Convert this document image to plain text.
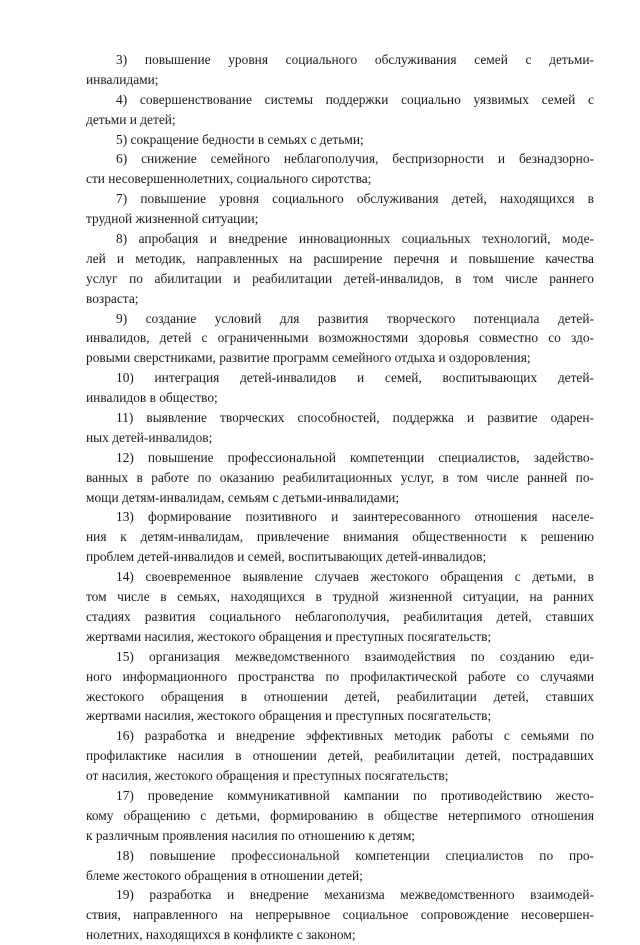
3) повышение уровня социального обслуживания семей с детьми-
инвалидами;
4) совершенствование системы поддержки социально уязвимых семей с
детьми и детей;
5) сокращение бедности в семьях с детьми;
6) снижение семейного неблагополучия, беспризорности и безнадзорно-
сти несовершеннолетних, социального сиротства;
7) повышение уровня социального обслуживания детей, находящихся в
трудной жизненной ситуации;
8) апробация и внедрение инновационных социальных технологий, моде-
лей и методик, направленных на расширение перечня и повышение качества
услуг по абилитации и реабилитации детей-инвалидов, в том числе раннего
возраста;
9) создание условий для развития творческого потенциала детей-
инвалидов, детей с ограниченными возможностями здоровья совместно со здо-
ровыми сверстниками, развитие программ семейного отдыха и оздоровления;
10) интеграция детей-инвалидов и семей, воспитывающих детей-
инвалидов в общество;
11) выявление творческих способностей, поддержка и развитие одарен-
ных детей-инвалидов;
12) повышение профессиональной компетенции специалистов, задейство-
ванных в работе по оказанию реабилитационных услуг, в том числе ранней по-
мощи детям-инвалидам, семьям с детьми-инвалидами;
13) формирование позитивного и заинтересованного отношения населе-
ния к детям-инвалидам, привлечение внимания общественности к решению
проблем детей-инвалидов и семей, воспитывающих детей-инвалидов;
14) своевременное выявление случаев жестокого обращения с детьми, в
том числе в семьях, находящихся в трудной жизненной ситуации, на ранних
стадиях развития социального неблагополучия, реабилитация детей, ставших
жертвами насилия, жестокого обращения и преступных посягательств;
15) организация межведомственного взаимодействия по созданию еди-
ного информационного пространства по профилактической работе со случаями
жестокого обращения в отношении детей, реабилитации детей, ставших
жертвами насилия, жестокого обращения и преступных посягательств;
16) разработка и внедрение эффективных методик работы с семьями по
профилактике насилия в отношении детей, реабилитации детей, пострадавших
от насилия, жестокого обращения и преступных посягательств;
17) проведение коммуникативной кампании по противодействию жесто-
кому обращению с детьми, формированию в обществе нетерпимого отношения
к различным проявления насилия по отношению к детям;
18) повышение профессиональной компетенции специалистов по про-
блеме жестокого обращения в отношении детей;
19) разработка и внедрение механизма межведомственного взаимодей-
ствия, направленного на непрерывное социальное сопровождение несовершен-
нолетних, находящихся в конфликте с законом;
